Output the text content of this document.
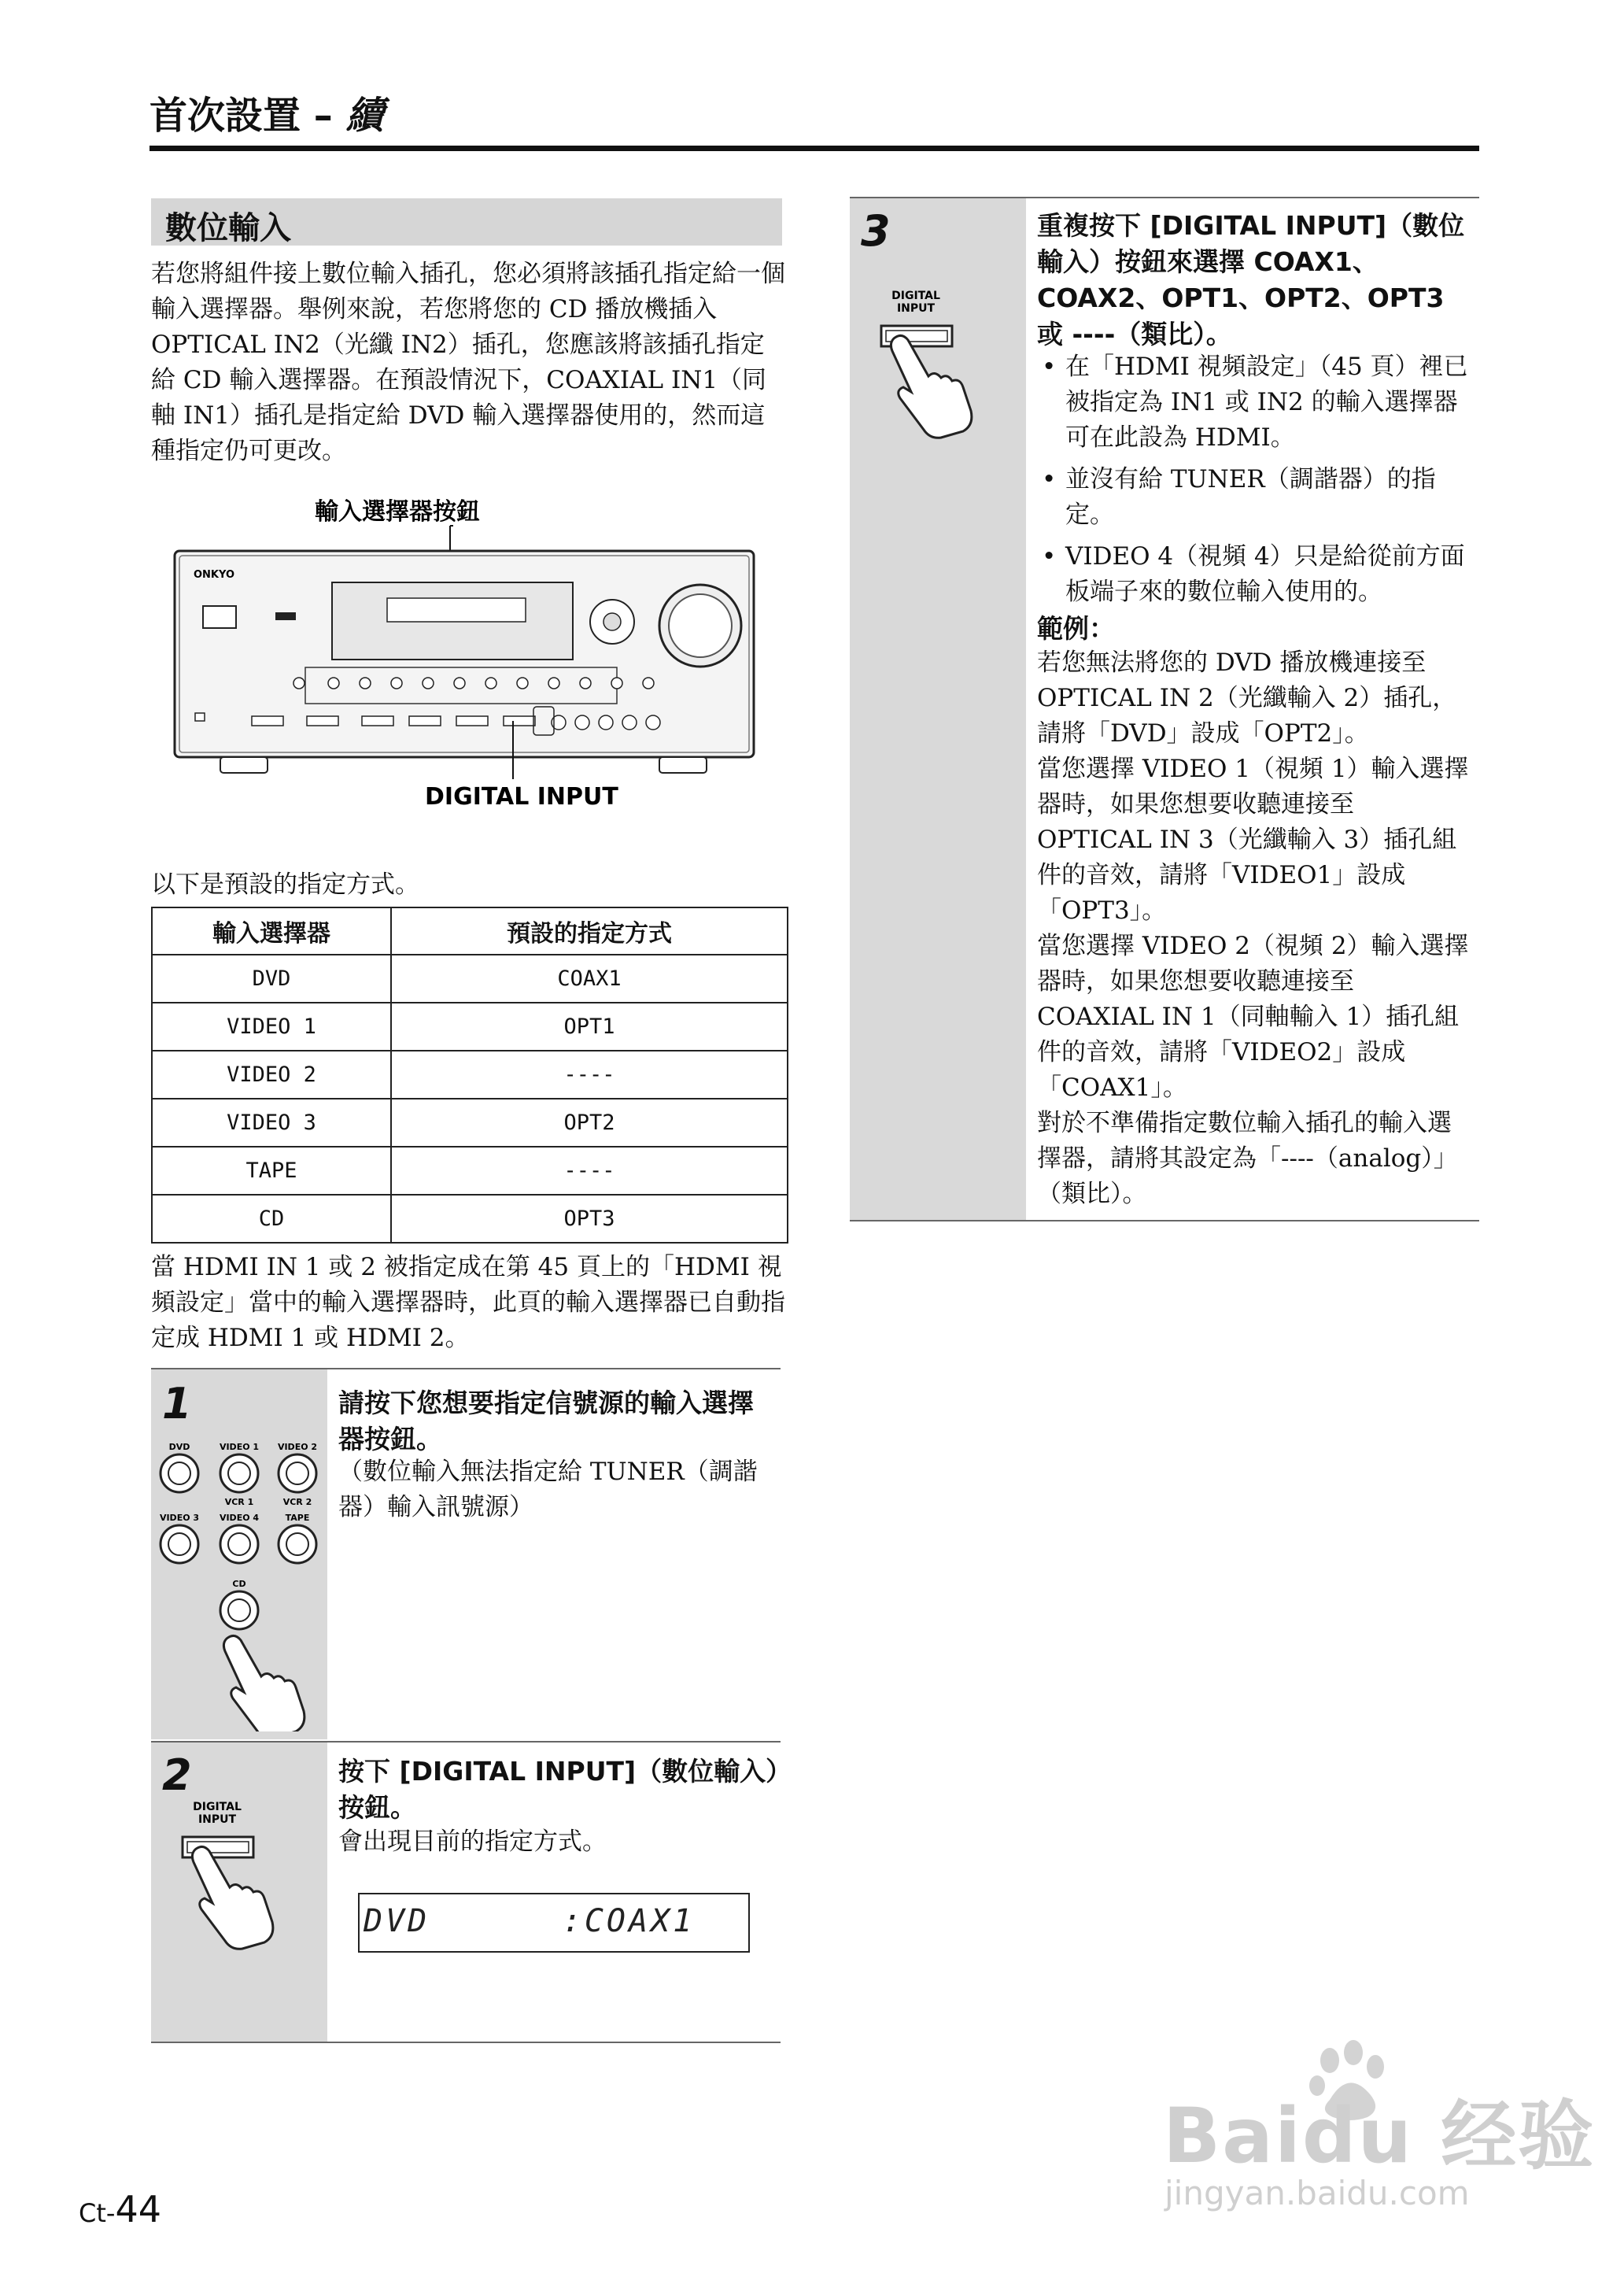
首次設置 – 續
數位輸入
若您將組件接上數位輸入插孔，您必須將該插孔指定給一個輸入選擇器。舉例來說，若您將您的 CD 播放機插入 OPTICAL IN2（光纖 IN2）插孔，您應該將該插孔指定給 CD 輸入選擇器。在預設情況下，COAXIAL IN1（同軸 IN1）插孔是指定給 DVD 輸入選擇器使用的，然而這種指定仍可更改。
輸入選擇器按鈕
ONKYO
DIGITAL INPUT
以下是預設的指定方式。
輸入選擇器	預設的指定方式
DVD	COAX1
VIDEO 1	OPT1
VIDEO 2	----
VIDEO 3	OPT2
TAPE	----
CD	OPT3
當 HDMI IN 1 或 2 被指定成在第 45 頁上的「HDMI 視頻設定」當中的輸入選擇器時，此頁的輸入選擇器已自動指定成 HDMI 1 或 HDMI 2。
1
DVD	VIDEO 1 VIDEO 2
VCR 1	VCR 2
VIDEO 3 VIDEO 4	TAPE
CD
請按下您想要指定信號源的輸入選擇器按鈕。
（數位輸入無法指定給 TUNER（調諧器）輸入訊號源）
2
DIGITAL
INPUT
按下 [DIGITAL INPUT]（數位輸入）按鈕。
會出現目前的指定方式。
DVD      :COAX1
3
DIGITAL
INPUT
重複按下 [DIGITAL INPUT]（數位輸入）按鈕來選擇 COAX1、COAX2、OPT1、OPT2、OPT3 或 ----（類比）。
• 在「HDMI 視頻設定」（45 頁）裡已被指定為 IN1 或 IN2 的輸入選擇器可在此設為 HDMI。
• 並沒有給 TUNER（調諧器）的指定。
• VIDEO 4（視頻 4）只是給從前方面板端子來的數位輸入使用的。
範例：
若您無法將您的 DVD 播放機連接至 OPTICAL IN 2（光纖輸入 2）插孔，請將「DVD」設成「OPT2」。
當您選擇 VIDEO 1（視頻 1）輸入選擇器時，如果您想要收聽連接至 OPTICAL IN 3（光纖輸入 3）插孔組件的音效，請將「VIDEO1」設成「OPT3」。
當您選擇 VIDEO 2（視頻 2）輸入選擇器時，如果您想要收聽連接至 COAXIAL IN 1（同軸輸入 1）插孔組件的音效，請將「VIDEO2」設成「COAX1」。
對於不準備指定數位輸入插孔的輸入選擇器，請將其設定為「----（analog）」（類比）。
Ct-44
Baidu 经验
jingyan.baidu.com
